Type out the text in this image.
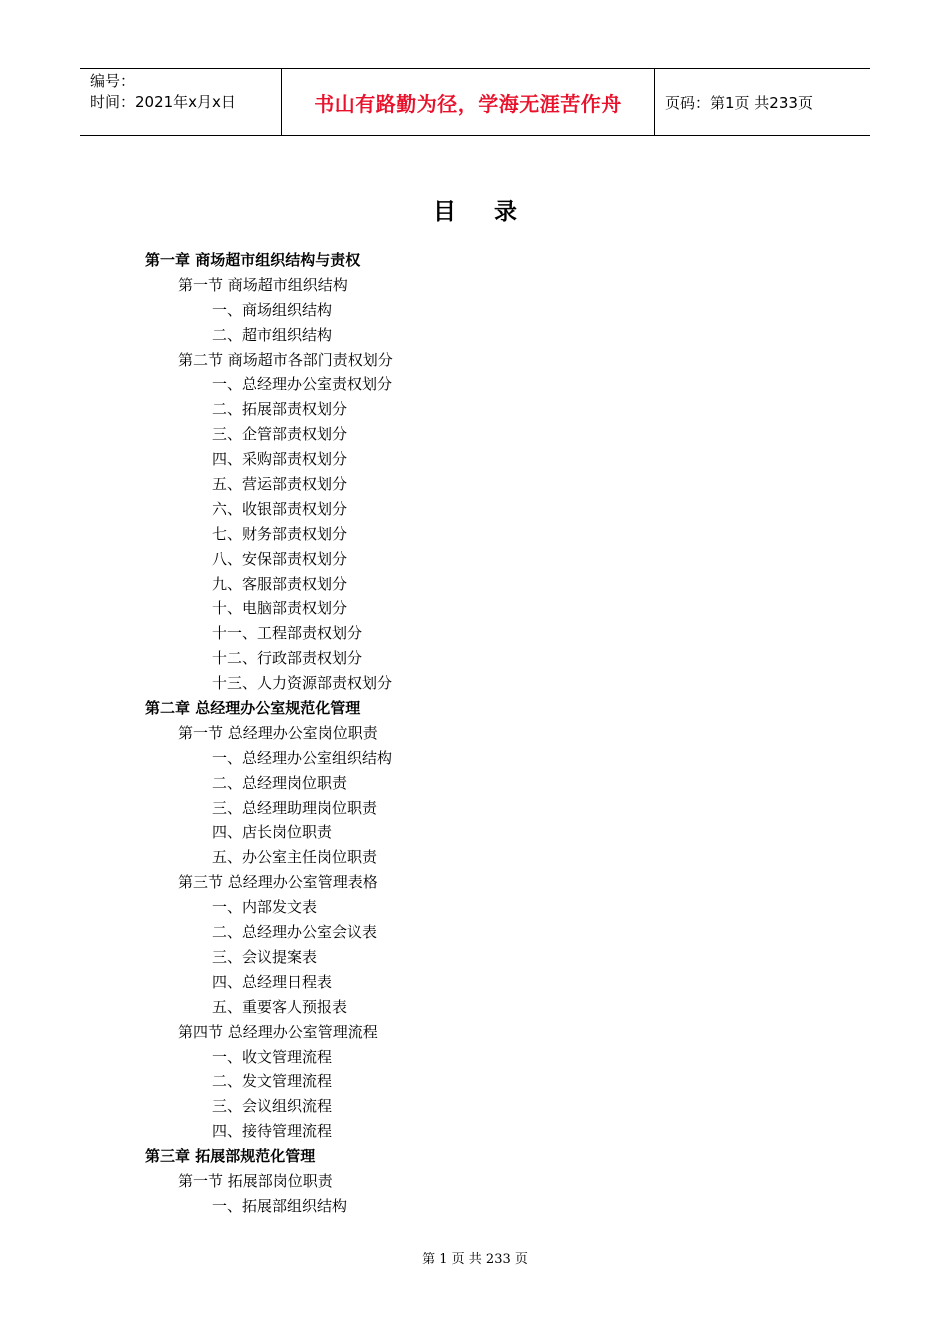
编号：
时间：2021年x月x日	书山有路勤为径，学海无涯苦作舟	页码：第1页 共233页
目录
第一章 商场超市组织结构与责权
第一节 商场超市组织结构
一、商场组织结构
二、超市组织结构
第二节 商场超市各部门责权划分
一、总经理办公室责权划分
二、拓展部责权划分
三、企管部责权划分
四、采购部责权划分
五、营运部责权划分
六、收银部责权划分
七、财务部责权划分
八、安保部责权划分
九、客服部责权划分
十、电脑部责权划分
十一、工程部责权划分
十二、行政部责权划分
十三、人力资源部责权划分
第二章 总经理办公室规范化管理
第一节 总经理办公室岗位职责
一、总经理办公室组织结构
二、总经理岗位职责
三、总经理助理岗位职责
四、店长岗位职责
五、办公室主任岗位职责
第三节 总经理办公室管理表格
一、内部发文表
二、总经理办公室会议表
三、会议提案表
四、总经理日程表
五、重要客人预报表
第四节 总经理办公室管理流程
一、收文管理流程
二、发文管理流程
三、会议组织流程
四、接待管理流程
第三章 拓展部规范化管理
第一节 拓展部岗位职责
一、拓展部组织结构
第 1 页 共 233 页
